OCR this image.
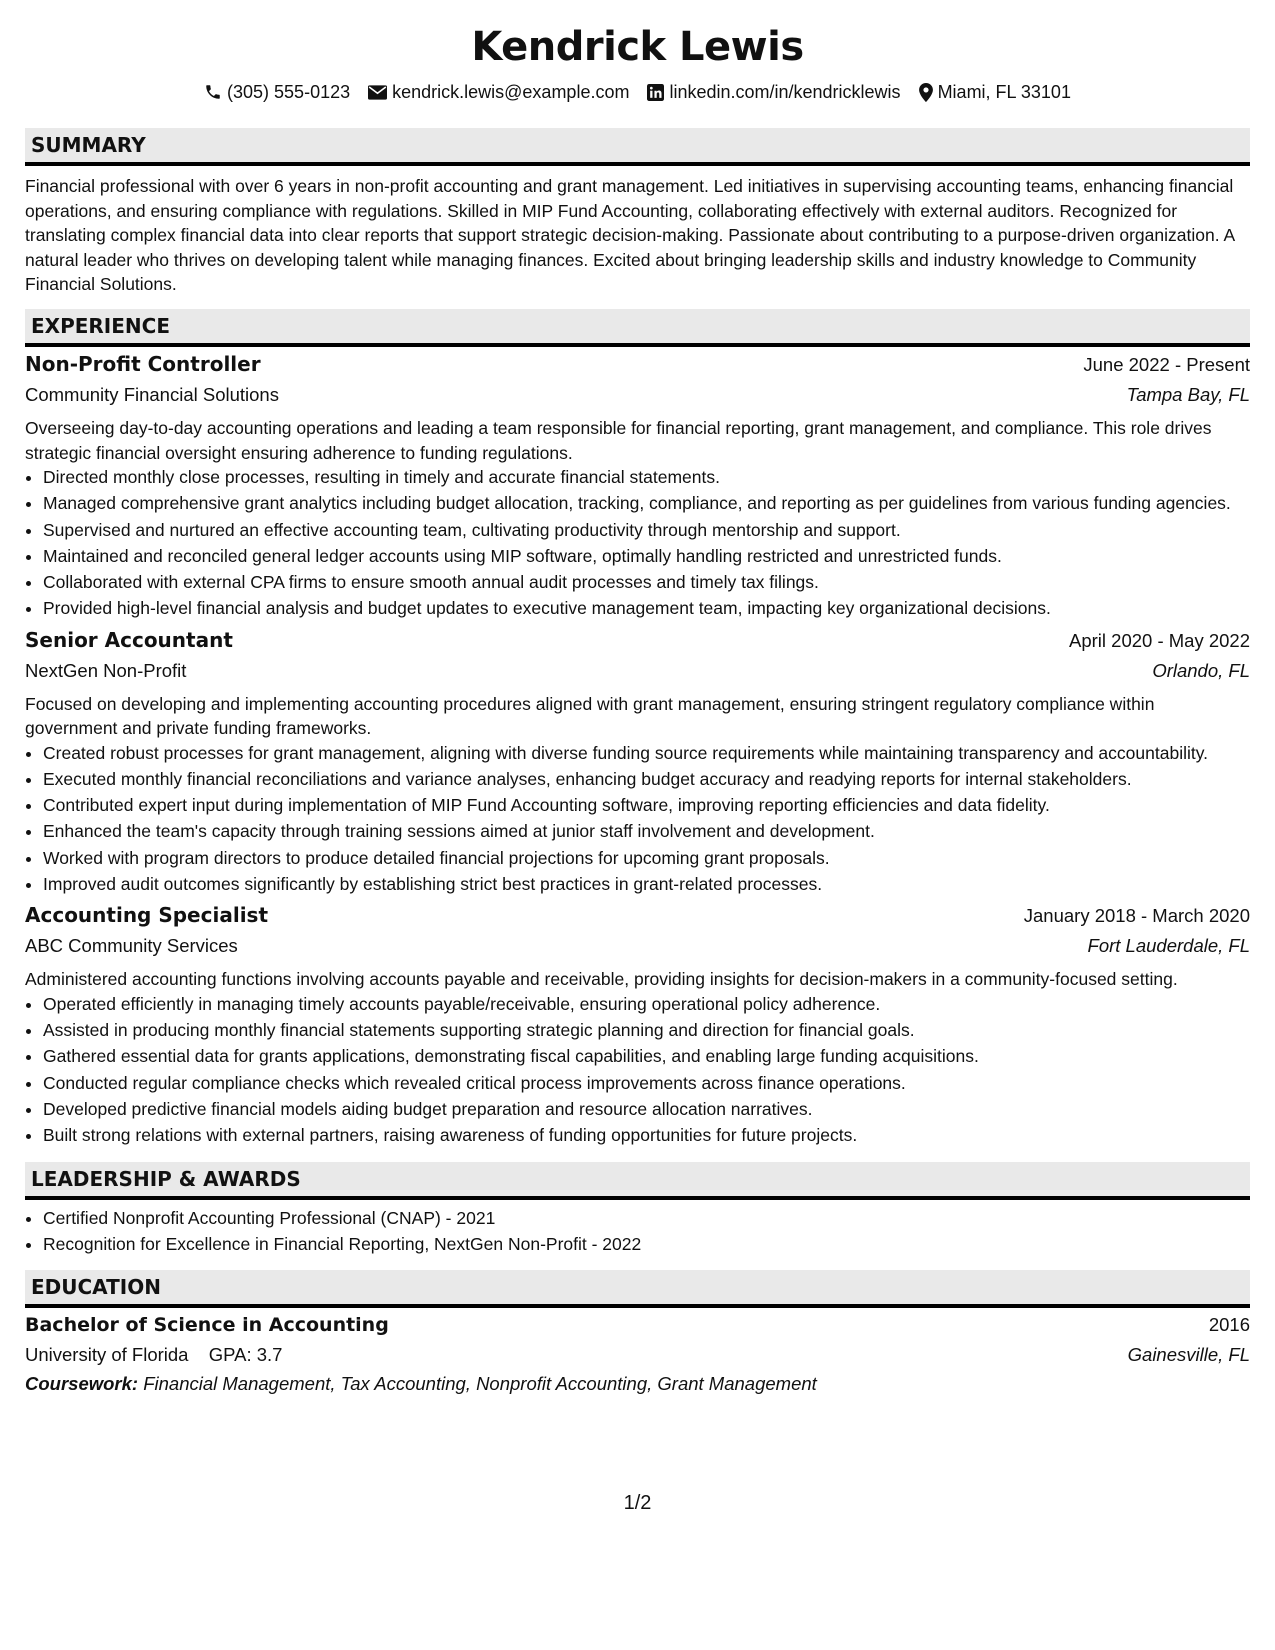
Kendrick Lewis
(305) 555-0123 kendrick.lewis@example.com linkedin.com/in/kendricklewis Miami, FL 33101
SUMMARY
Financial professional with over 6 years in non-profit accounting and grant management. Led initiatives in supervising accounting teams, enhancing financial operations, and ensuring compliance with regulations. Skilled in MIP Fund Accounting, collaborating effectively with external auditors. Recognized for translating complex financial data into clear reports that support strategic decision-making. Passionate about contributing to a purpose-driven organization. A natural leader who thrives on developing talent while managing finances. Excited about bringing leadership skills and industry knowledge to Community Financial Solutions.
EXPERIENCE
Non-Profit Controller	June 2022 - Present
Community Financial Solutions	Tampa Bay, FL
Overseeing day-to-day accounting operations and leading a team responsible for financial reporting, grant management, and compliance. This role drives strategic financial oversight ensuring adherence to funding regulations.
• Directed monthly close processes, resulting in timely and accurate financial statements.
• Managed comprehensive grant analytics including budget allocation, tracking, compliance, and reporting as per guidelines from various funding agencies.
• Supervised and nurtured an effective accounting team, cultivating productivity through mentorship and support.
• Maintained and reconciled general ledger accounts using MIP software, optimally handling restricted and unrestricted funds.
• Collaborated with external CPA firms to ensure smooth annual audit processes and timely tax filings.
• Provided high-level financial analysis and budget updates to executive management team, impacting key organizational decisions.
Senior Accountant	April 2020 - May 2022
NextGen Non-Profit	Orlando, FL
Focused on developing and implementing accounting procedures aligned with grant management, ensuring stringent regulatory compliance within government and private funding frameworks.
• Created robust processes for grant management, aligning with diverse funding source requirements while maintaining transparency and accountability.
• Executed monthly financial reconciliations and variance analyses, enhancing budget accuracy and readying reports for internal stakeholders.
• Contributed expert input during implementation of MIP Fund Accounting software, improving reporting efficiencies and data fidelity.
• Enhanced the team's capacity through training sessions aimed at junior staff involvement and development.
• Worked with program directors to produce detailed financial projections for upcoming grant proposals.
• Improved audit outcomes significantly by establishing strict best practices in grant-related processes.
Accounting Specialist	January 2018 - March 2020
ABC Community Services	Fort Lauderdale, FL
Administered accounting functions involving accounts payable and receivable, providing insights for decision-makers in a community-focused setting.
• Operated efficiently in managing timely accounts payable/receivable, ensuring operational policy adherence.
• Assisted in producing monthly financial statements supporting strategic planning and direction for financial goals.
• Gathered essential data for grants applications, demonstrating fiscal capabilities, and enabling large funding acquisitions.
• Conducted regular compliance checks which revealed critical process improvements across finance operations.
• Developed predictive financial models aiding budget preparation and resource allocation narratives.
• Built strong relations with external partners, raising awareness of funding opportunities for future projects.
LEADERSHIP & AWARDS
• Certified Nonprofit Accounting Professional (CNAP) - 2021
• Recognition for Excellence in Financial Reporting, NextGen Non-Profit - 2022
EDUCATION
Bachelor of Science in Accounting	2016
University of Florida GPA: 3.7	Gainesville, FL
Coursework: Financial Management, Tax Accounting, Nonprofit Accounting, Grant Management
1/2
